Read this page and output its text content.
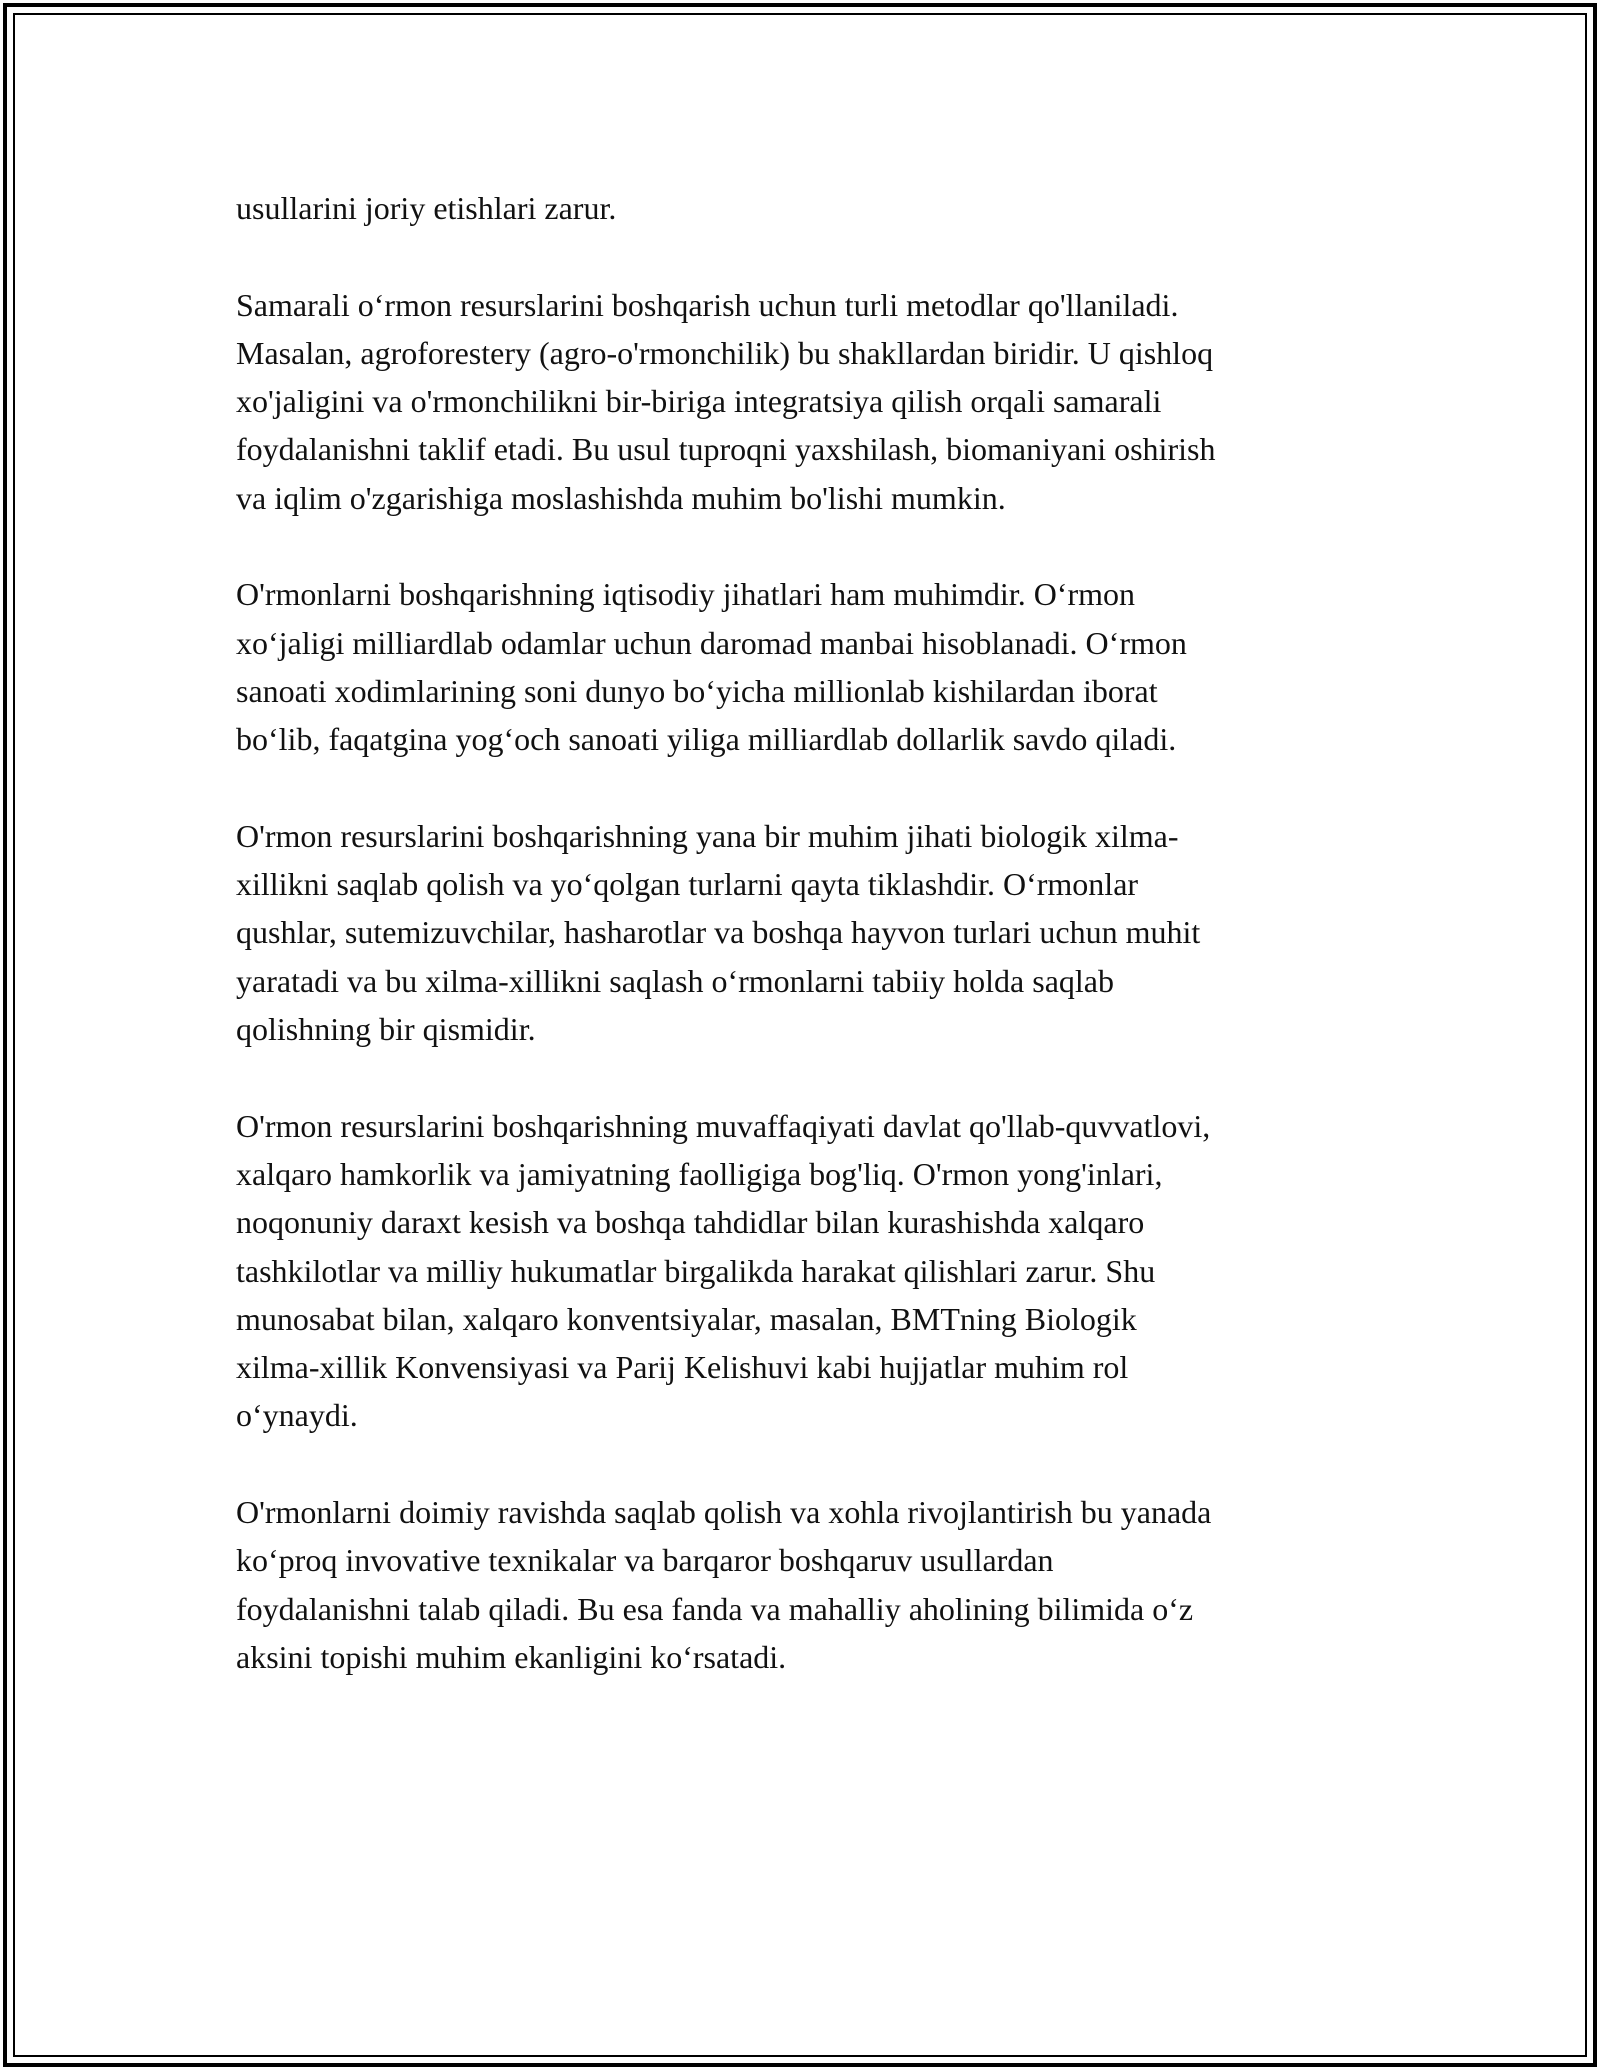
usullarini joriy etishlari zarur.

Samarali o‘rmon resurslarini boshqarish uchun turli metodlar qo'llaniladi.
Masalan, agroforestery (agro-o'rmonchilik) bu shakllardan biridir. U qishloq
xo'jaligini va o'rmonchilikni bir-biriga integratsiya qilish orqali samarali
foydalanishni taklif etadi. Bu usul tuproqni yaxshilash, biomaniyani oshirish
va iqlim o'zgarishiga moslashishda muhim bo'lishi mumkin.

O'rmonlarni boshqarishning iqtisodiy jihatlari ham muhimdir. O‘rmon
xo‘jaligi milliardlab odamlar uchun daromad manbai hisoblanadi. O‘rmon
sanoati xodimlarining soni dunyo bo‘yicha millionlab kishilardan iborat
bo‘lib, faqatgina yog‘och sanoati yiliga milliardlab dollarlik savdo qiladi.

O'rmon resurslarini boshqarishning yana bir muhim jihati biologik xilma-
xillikni saqlab qolish va yo‘qolgan turlarni qayta tiklashdir. O‘rmonlar
qushlar, sutemizuvchilar, hasharotlar va boshqa hayvon turlari uchun muhit
yaratadi va bu xilma-xillikni saqlash o‘rmonlarni tabiiy holda saqlab
qolishning bir qismidir.

O'rmon resurslarini boshqarishning muvaffaqiyati davlat qo'llab-quvvatlovi,
xalqaro hamkorlik va jamiyatning faolligiga bog'liq. O'rmon yong'inlari,
noqonuniy daraxt kesish va boshqa tahdidlar bilan kurashishda xalqaro
tashkilotlar va milliy hukumatlar birgalikda harakat qilishlari zarur. Shu
munosabat bilan, xalqaro konventsiyalar, masalan, BMTning Biologik
xilma-xillik Konvensiyasi va Parij Kelishuvi kabi hujjatlar muhim rol
o‘ynaydi.

O'rmonlarni doimiy ravishda saqlab qolish va xohla rivojlantirish bu yanada
ko‘proq invovative texnikalar va barqaror boshqaruv usullardan
foydalanishni talab qiladi. Bu esa fanda va mahalliy aholining bilimida o‘z
aksini topishi muhim ekanligini ko‘rsatadi.
